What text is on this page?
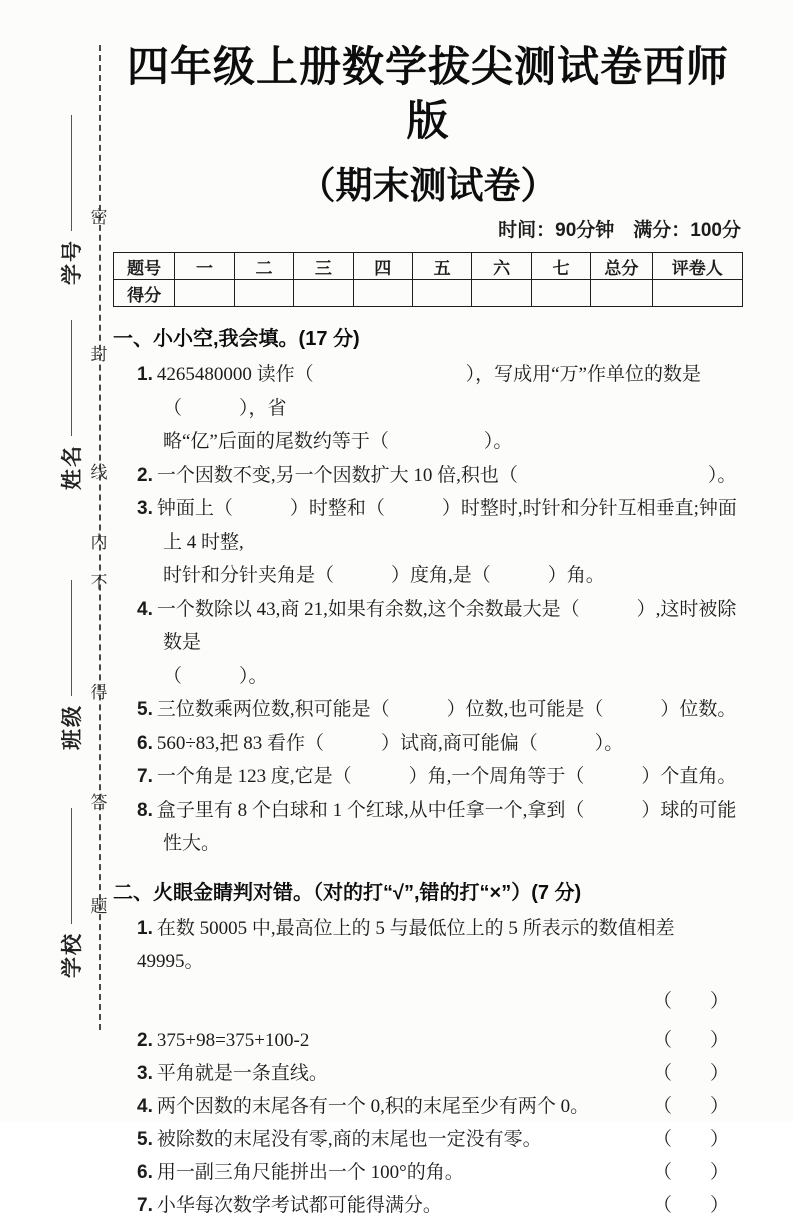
密
封
线
内
不
得
答
题
学号
姓名
班级
学校
四年级上册数学拔尖测试卷西师版
（期末测试卷）
时间：90分钟　满分：100分
题号	一	二	三	四	五	六	七	总分	评卷人
得分									
一、小小空,我会填。(17 分)
1. 4265480000 读作（　　　　　　　　），写成用“万”作单位的数是（　　　），省
略“亿”后面的尾数约等于（　　　　　）。
2. 一个因数不变,另一个因数扩大 10 倍,积也（　　　　　　　　　　）。
3. 钟面上（　　　）时整和（　　　）时整时,时针和分针互相垂直;钟面上 4 时整,
时针和分针夹角是（　　　）度角,是（　　　）角。
4. 一个数除以 43,商 21,如果有余数,这个余数最大是（　　　）,这时被除数是
（　　　）。
5. 三位数乘两位数,积可能是（　　　）位数,也可能是（　　　）位数。
6. 560÷83,把 83 看作（　　　）试商,商可能偏（　　　）。
7. 一个角是 123 度,它是（　　　）角,一个周角等于（　　　）个直角。
8. 盒子里有 8 个白球和 1 个红球,从中任拿一个,拿到（　　　）球的可能性大。
二、火眼金睛判对错。（对的打“√”,错的打“×”）(7 分)
1. 在数 50005 中,最高位上的 5 与最低位上的 5 所表示的数值相差 49995。
（　　）
2. 375+98=375+100-2	（　　）
3. 平角就是一条直线。	（　　）
4. 两个因数的末尾各有一个 0,积的末尾至少有两个 0。	（　　）
5. 被除数的末尾没有零,商的末尾也一定没有零。	（　　）
6. 用一副三角尺能拼出一个 100°的角。	（　　）
7. 小华每次数学考试都可能得满分。	（　　）
